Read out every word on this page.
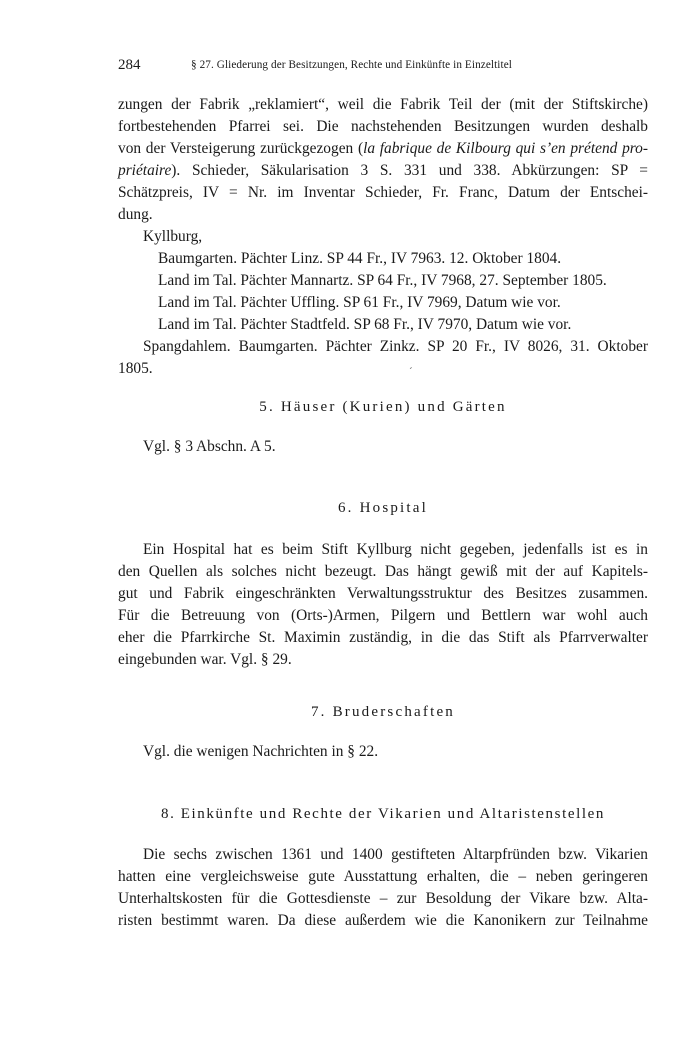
284	§ 27. Gliederung der Besitzungen, Rechte und Einkünfte in Einzeltitel
zungen der Fabrik „reklamiert“, weil die Fabrik Teil der (mit der Stiftskirche)
fortbestehenden Pfarrei sei. Die nachstehenden Besitzungen wurden deshalb
von der Versteigerung zurückgezogen (la fabrique de Kilbourg qui s’en prétend pro-
priétaire). Schieder, Säkularisation 3 S. 331 und 338. Abkürzungen: SP =
Schätzpreis, IV = Nr. im Inventar Schieder, Fr. Franc, Datum der Entschei-
dung.
Kyllburg,
Baumgarten. Pächter Linz. SP 44 Fr., IV 7963. 12. Oktober 1804.
Land im Tal. Pächter Mannartz. SP 64 Fr., IV 7968, 27. September 1805.
Land im Tal. Pächter Uffling. SP 61 Fr., IV 7969, Datum wie vor.
Land im Tal. Pächter Stadtfeld. SP 68 Fr., IV 7970, Datum wie vor.
Spangdahlem. Baumgarten. Pächter Zinkz. SP 20 Fr., IV 8026, 31. Oktober
1805.	ˊ
5. Häuser (Kurien) und Gärten
Vgl. § 3 Abschn. A 5.
6. Hospital
Ein Hospital hat es beim Stift Kyllburg nicht gegeben, jedenfalls ist es in
den Quellen als solches nicht bezeugt. Das hängt gewiß mit der auf Kapitels-
gut und Fabrik eingeschränkten Verwaltungsstruktur des Besitzes zusammen.
Für die Betreuung von (Orts-)Armen, Pilgern und Bettlern war wohl auch
eher die Pfarrkirche St. Maximin zuständig, in die das Stift als Pfarrverwalter
eingebunden war. Vgl. § 29.
7. Bruderschaften
Vgl. die wenigen Nachrichten in § 22.
8. Einkünfte und Rechte der Vikarien und Altaristenstellen
Die sechs zwischen 1361 und 1400 gestifteten Altarpfründen bzw. Vikarien
hatten eine vergleichsweise gute Ausstattung erhalten, die – neben geringeren
Unterhaltskosten für die Gottesdienste – zur Besoldung der Vikare bzw. Alta-
risten bestimmt waren. Da diese außerdem wie die Kanonikern zur Teilnahme
